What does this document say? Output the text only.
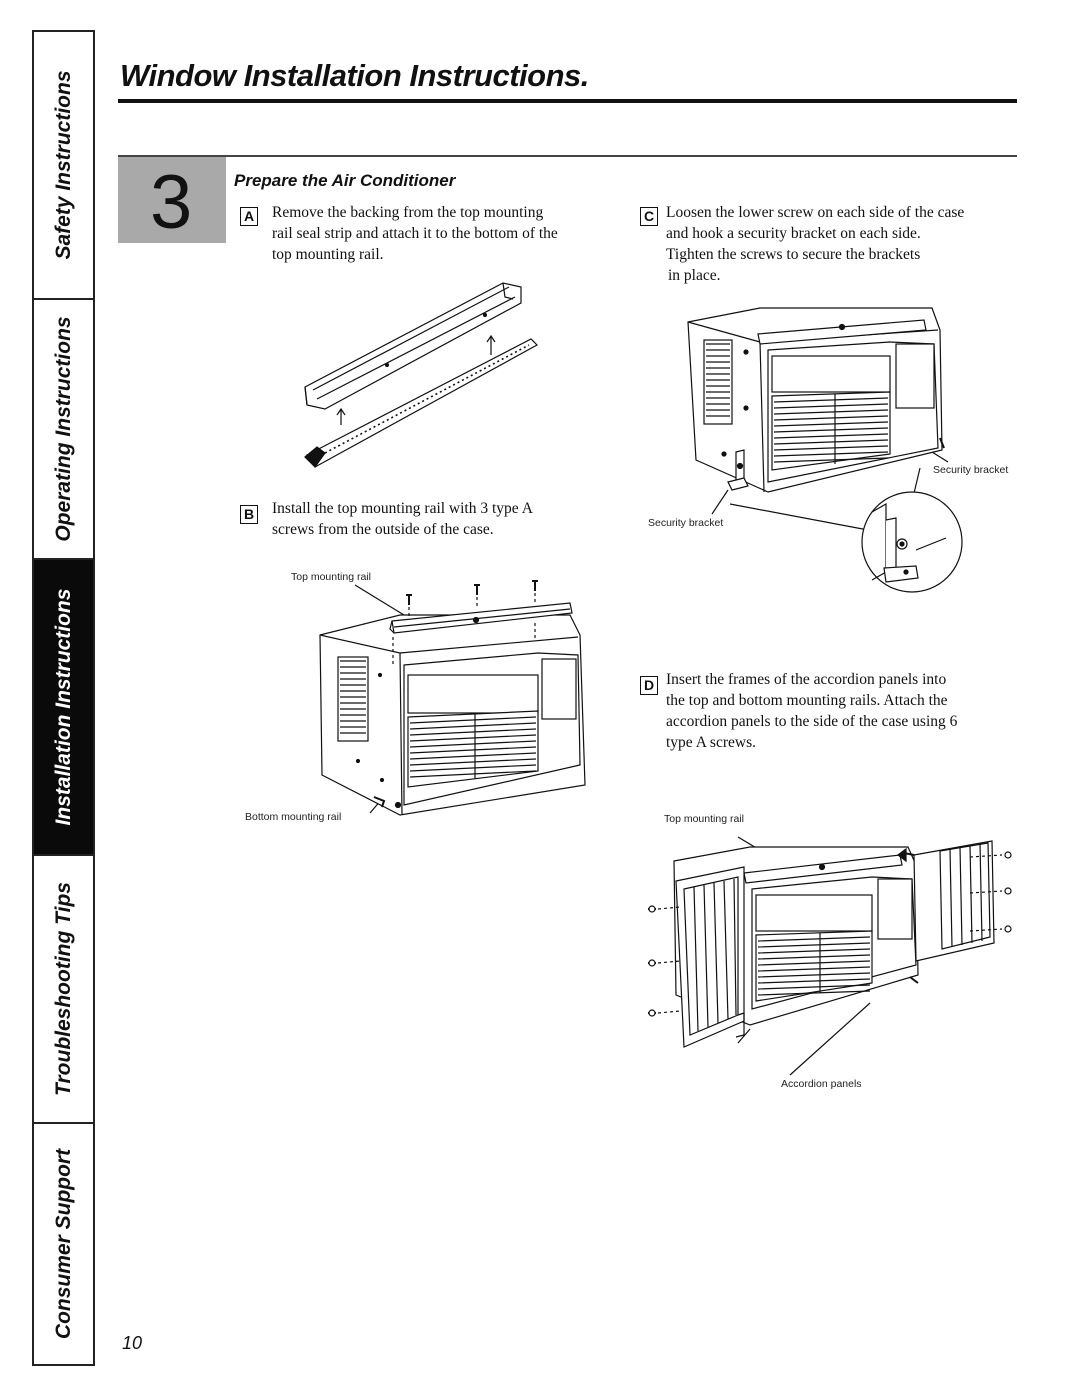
Safety Instructions
Operating Instructions
Installation Instructions
Troubleshooting Tips
Consumer Support
Window Installation Instructions.
3 Prepare the Air Conditioner
A Remove the backing from the top mounting
rail seal strip and attach it to the bottom of the
top mounting rail.
B Install the top mounting rail with 3 type A
screws from the outside of the case.
Top mounting rail
Bottom mounting rail
C Loosen the lower screw on each side of the case
and hook a security bracket on each side.
Tighten the screws to secure the brackets
in place.
Security bracket
Security bracket
D Insert the frames of the accordion panels into
the top and bottom mounting rails. Attach the
accordion panels to the side of the case using 6
type A screws.
Top mounting rail
Accordion panels
10
